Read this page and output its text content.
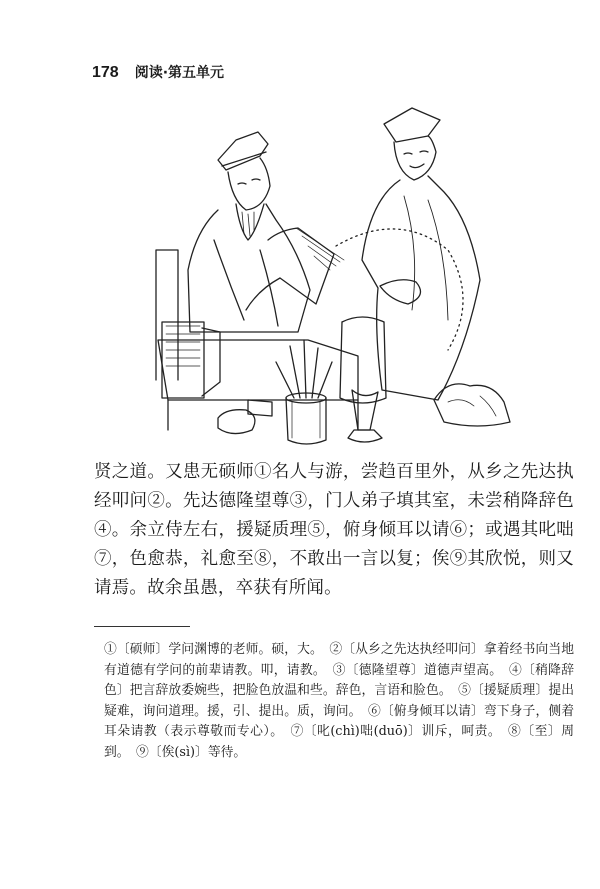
178 阅读·第五单元

贤之道。又患无硕师①名人与游，尝趋百里外，从乡之先达执经叩问②。先达德隆望尊③，门人弟子填其室，未尝稍降辞色④。余立侍左右，援疑质理⑤，俯身倾耳以请⑥；或遇其叱咄⑦，色愈恭，礼愈至⑧，不敢出一言以复；俟⑨其欣悦，则又请焉。故余虽愚，卒获有所闻。

①〔硕师〕学问渊博的老师。硕，大。　②〔从乡之先达执经叩问〕拿着经书向当地有道德有学问的前辈请教。叩，请教。　③〔德隆望尊〕道德声望高。　④〔稍降辞色〕把言辞放委婉些，把脸色放温和些。辞色，言语和脸色。　⑤〔援疑质理〕提出疑难，询问道理。援，引、提出。质，询问。　⑥〔俯身倾耳以请〕弯下身子，侧着耳朵请教（表示尊敬而专心）。　⑦〔叱(chì)咄(duō)〕训斥，呵责。　⑧〔至〕周到。　⑨〔俟(sì)〕等待。
